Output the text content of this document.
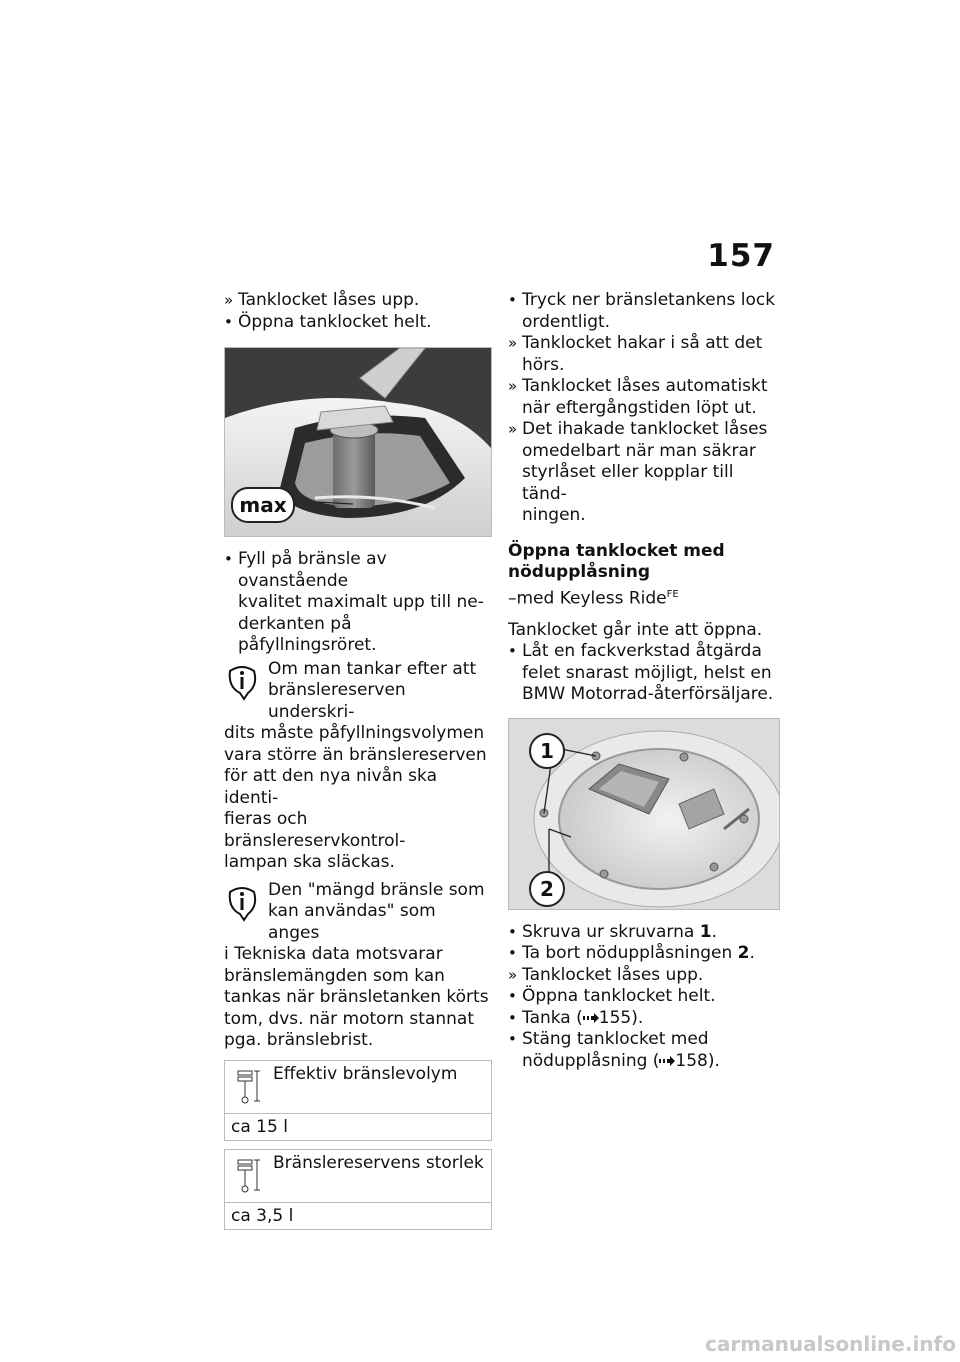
157
» Tanklocket låses upp.
• Öppna tanklocket helt.
max
• Fyll på bränsle av ovanstående
kvalitet maximalt upp till ne-
derkanten på påfyllningsröret.
Om man tankar efter att
bränslereserven underskri-
dits måste påfyllningsvolymen
vara större än bränslereserven
för att den nya nivån ska identi-
fieras och bränslereservkontrol-
lampan ska släckas.
Den "mängd bränsle som
kan användas" som anges
i Tekniska data motsvarar
bränslemängden som kan
tankas när bränsletanken körts
tom, dvs. när motorn stannat
pga. bränslebrist.
Effektiv bränslevolym
ca 15 l
Bränslereservens storlek
ca 3,5 l
• Tryck ner bränsletankens lock
ordentligt.
» Tanklocket hakar i så att det
hörs.
» Tanklocket låses automatiskt
när eftergångstiden löpt ut.
» Det ihakade tanklocket låses
omedelbart när man säkrar
styrlåset eller kopplar till tänd-
ningen.
Öppna tanklocket med
nödupplåsning
–med Keyless Ride$^{FE}$
Tanklocket går inte att öppna.
• Låt en fackverkstad åtgärda
felet snarast möjligt, helst en
BMW Motorrad-återförsäljare.
1
2
• Skruva ur skruvarna 1.
• Ta bort nödupplåsningen 2.
» Tanklocket låses upp.
• Öppna tanklocket helt.
• Tanka ( 155).
• Stäng tanklocket med
nödupplåsning ( 158).
carmanualsonline.info
